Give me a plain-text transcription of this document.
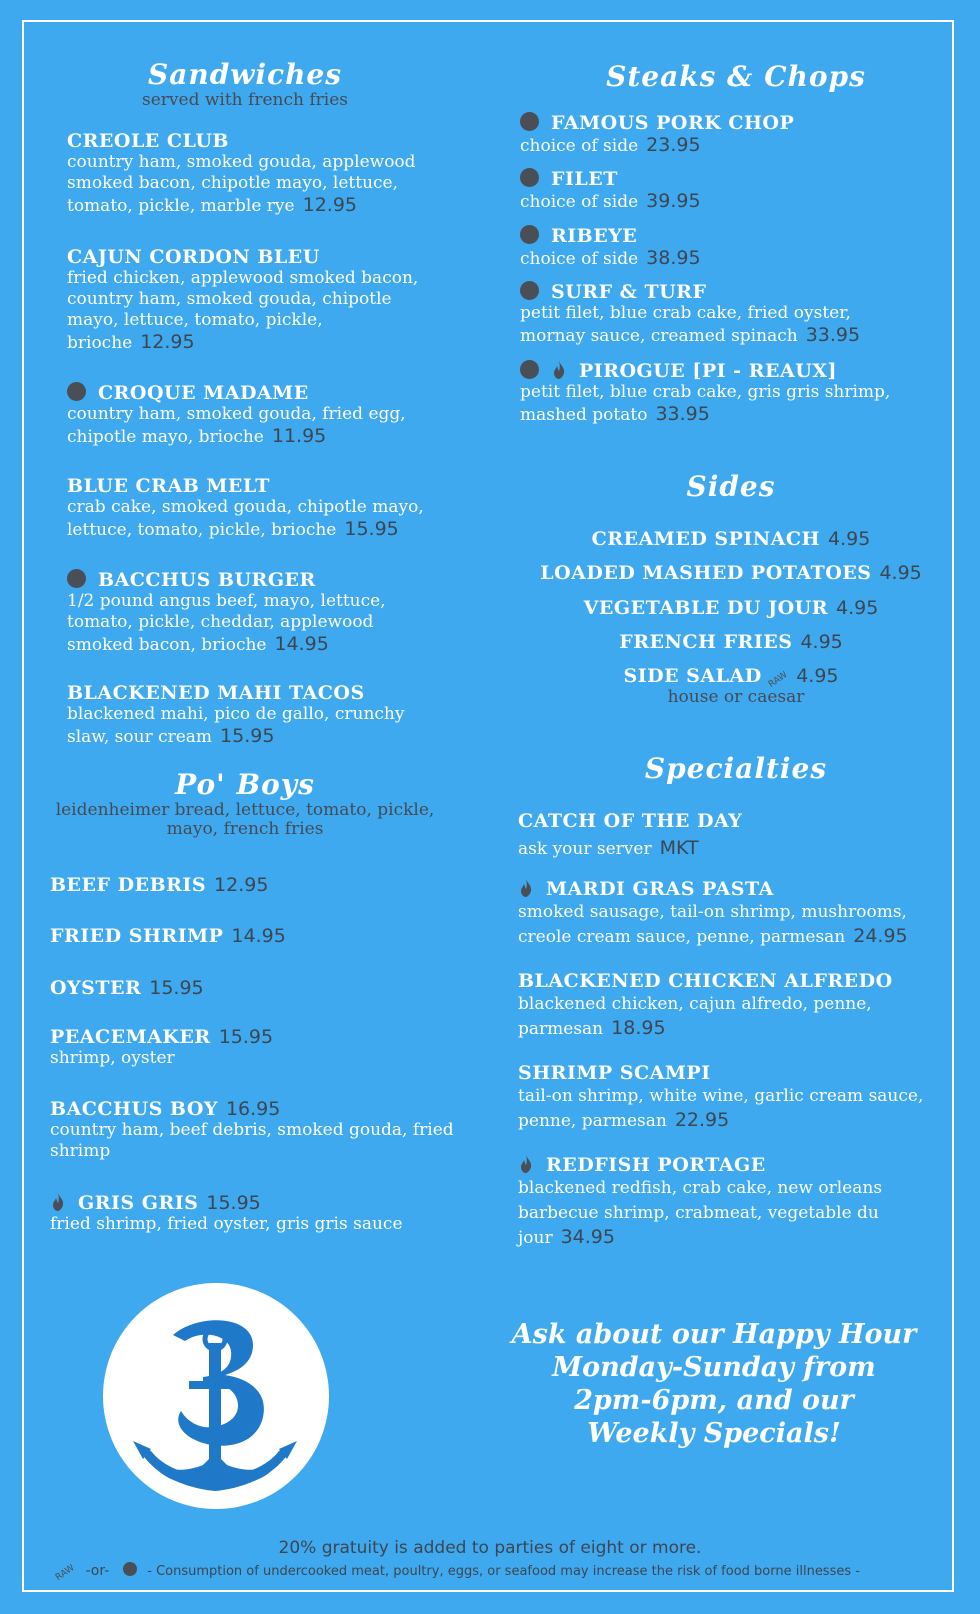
Sandwiches
served with french fries
CREOLE CLUB
country ham, smoked gouda, applewood smoked bacon, chipotle mayo, lettuce, tomato, pickle, marble rye 12.95
CAJUN CORDON BLEU
fried chicken, applewood smoked bacon, country ham, smoked gouda, chipotle mayo, lettuce, tomato, pickle, brioche 12.95
CROQUE MADAME
country ham, smoked gouda, fried egg, chipotle mayo, brioche 11.95
BLUE CRAB MELT
crab cake, smoked gouda, chipotle mayo, lettuce, tomato, pickle, brioche 15.95
BACCHUS BURGER
1/2 pound angus beef, mayo, lettuce, tomato, pickle, cheddar, applewood smoked bacon, brioche 14.95
BLACKENED MAHI TACOS
blackened mahi, pico de gallo, crunchy slaw, sour cream 15.95
Po' Boys
leidenheimer bread, lettuce, tomato, pickle, mayo, french fries
BEEF DEBRIS 12.95
FRIED SHRIMP 14.95
OYSTER 15.95
PEACEMAKER 15.95
shrimp, oyster
BACCHUS BOY 16.95
country ham, beef debris, smoked gouda, fried shrimp
GRIS GRIS 15.95
fried shrimp, fried oyster, gris gris sauce
Steaks & Chops
FAMOUS PORK CHOP
choice of side 23.95
FILET
choice of side 39.95
RIBEYE
choice of side 38.95
SURF & TURF
petit filet, blue crab cake, fried oyster, mornay sauce, creamed spinach 33.95
PIROGUE [PI - REAUX]
petit filet, blue crab cake, gris gris shrimp, mashed potato 33.95
Sides
CREAMED SPINACH 4.95
LOADED MASHED POTATOES 4.95
VEGETABLE DU JOUR 4.95
FRENCH FRIES 4.95
SIDE SALAD RAW 4.95
house or caesar
Specialties
CATCH OF THE DAY
ask your server MKT
MARDI GRAS PASTA
smoked sausage, tail-on shrimp, mushrooms, creole cream sauce, penne, parmesan 24.95
BLACKENED CHICKEN ALFREDO
blackened chicken, cajun alfredo, penne, parmesan 18.95
SHRIMP SCAMPI
tail-on shrimp, white wine, garlic cream sauce, penne, parmesan 22.95
REDFISH PORTAGE
blackened redfish, crab cake, new orleans barbecue shrimp, crabmeat, vegetable du jour 34.95
Ask about our Happy Hour
Monday-Sunday from
2pm-6pm, and our
Weekly Specials!
20% gratuity is added to parties of eight or more.
RAW -or-	- Consumption of undercooked meat, poultry, eggs, or seafood may increase the risk of food borne illnesses -
